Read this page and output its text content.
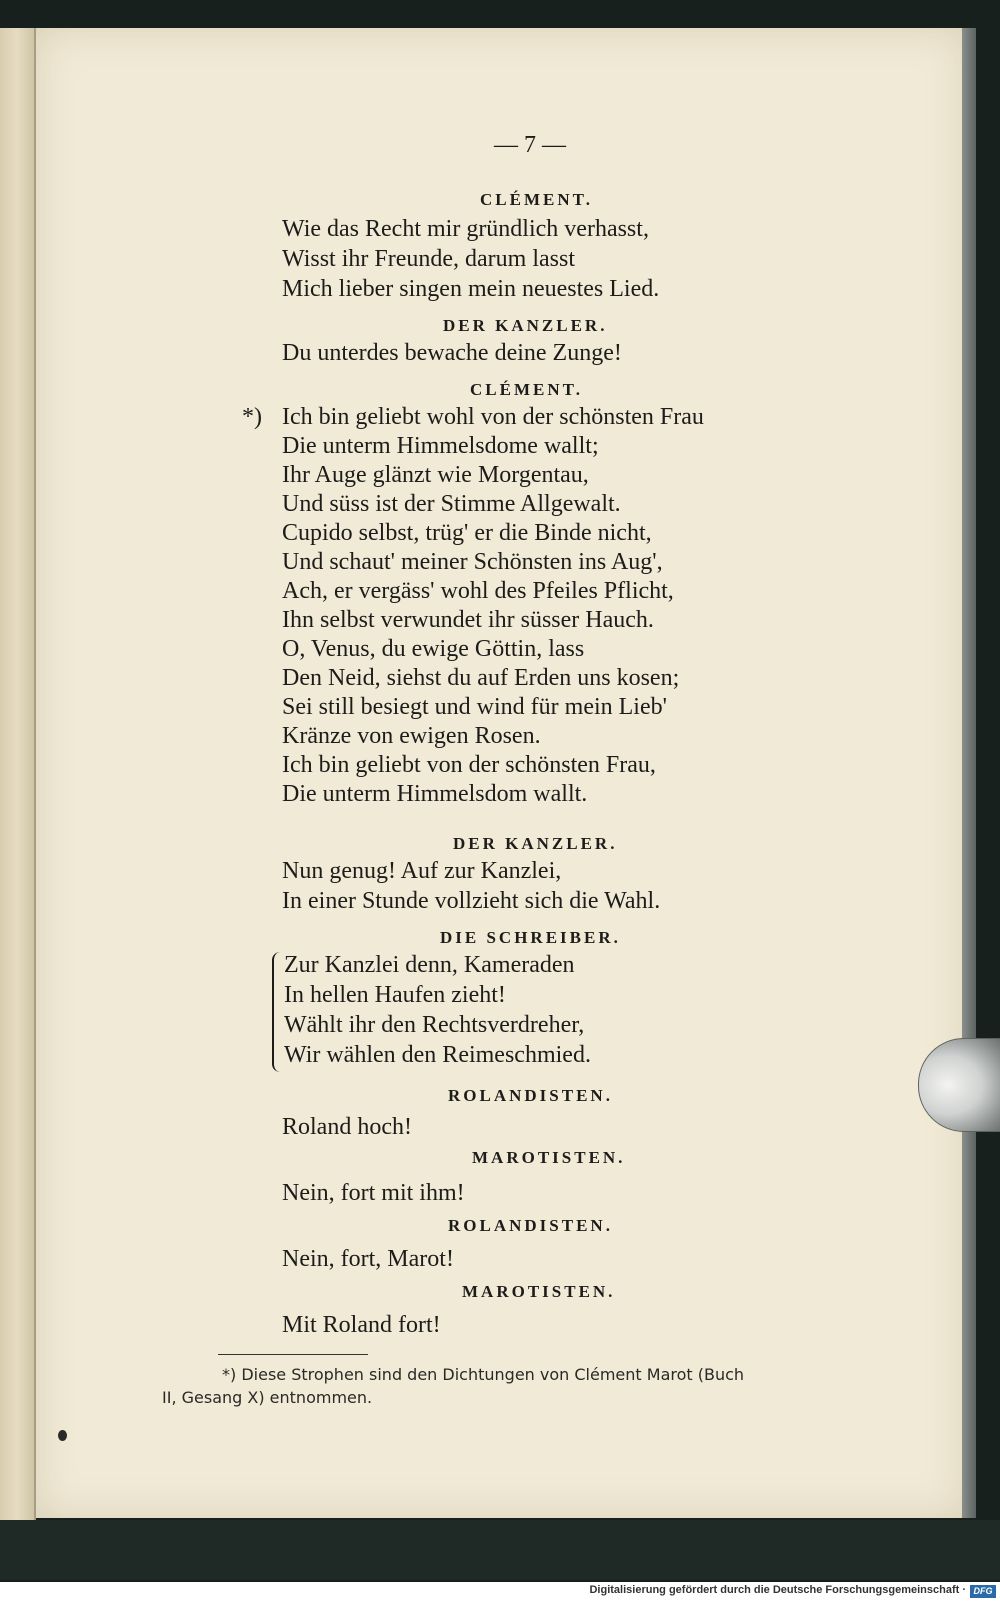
— 7 —
CLÉMENT.
Wie das Recht mir gründlich verhasst,
Wisst ihr Freunde, darum lasst
Mich lieber singen mein neuestes Lied.
DER KANZLER.
Du unterdes bewache deine Zunge!
CLÉMENT.
*) Ich bin geliebt wohl von der schönsten Frau
Die unterm Himmelsdome wallt;
Ihr Auge glänzt wie Morgentau,
Und süss ist der Stimme Allgewalt.
Cupido selbst, trüg' er die Binde nicht,
Und schaut' meiner Schönsten ins Aug',
Ach, er vergäss' wohl des Pfeiles Pflicht,
Ihn selbst verwundet ihr süsser Hauch.
O, Venus, du ewige Göttin, lass
Den Neid, siehst du auf Erden uns kosen;
Sei still besiegt und wind für mein Lieb'
Kränze von ewigen Rosen.
Ich bin geliebt von der schönsten Frau,
Die unterm Himmelsdom wallt.
DER KANZLER.
Nun genug! Auf zur Kanzlei,
In einer Stunde vollzieht sich die Wahl.
DIE SCHREIBER.
Zur Kanzlei denn, Kameraden
In hellen Haufen zieht!
Wählt ihr den Rechtsverdreher,
Wir wählen den Reimeschmied.
ROLANDISTEN.
Roland hoch!
MAROTISTEN.
Nein, fort mit ihm!
ROLANDISTEN.
Nein, fort, Marot!
MAROTISTEN.
Mit Roland fort!
*) Diese Strophen sind den Dichtungen von Clément Marot (Buch
II, Gesang X) entnommen.
Digitalisierung gefördert durch die Deutsche Forschungsgemeinschaft · DFG
